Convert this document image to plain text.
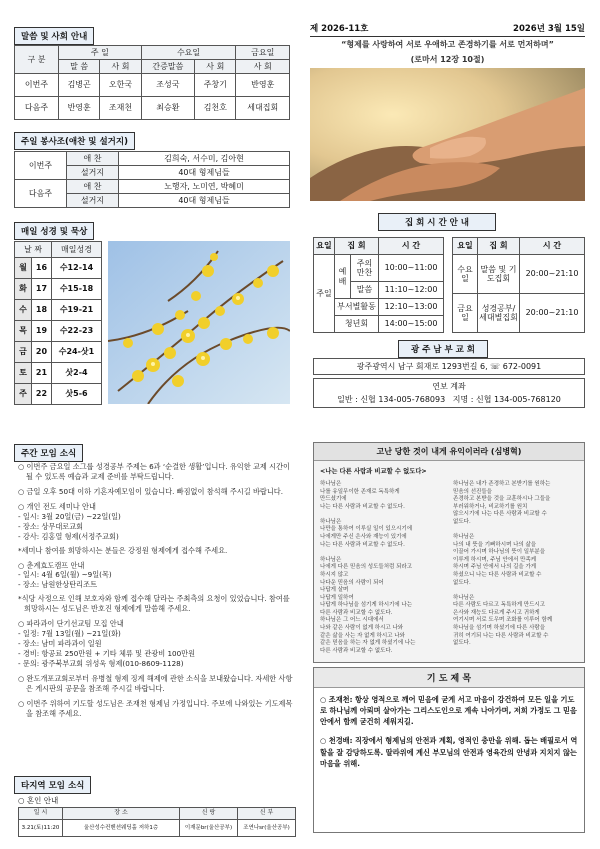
말씀 및 사회 안내
구 분	주 일		수요일		금요일
	말 씀	사 회	간증말씀	사 회	사 회
이번주	김병곤	오한국	조성국	주창기	반영훈
다음주	반영훈	조재천	최승환	김천호	세대집회
주일 봉사조(애찬 및 설거지)
이번주	애 찬	김희숙, 서수미, 김아현
	설거지	40대 형제님들
다음주	애 찬	노행자, 노미연, 박혜미
	설거지	40대 형제님들
매일 성경 및 묵상
날 짜		매일성경
월	16	수12-14
화	17	수15-18
수	18	수19-21
목	19	수22-23
금	20	수24-삿1
토	21	삿2-4
주	22	삿5-6
제 2026-11호	2026년 3월 15일
“형제를 사랑하여 서로 우애하고 존경하기를 서로 먼저하며”
(로마서 12장 10절)
집 회 시 간 안 내
요일	집 회		시 간
주일	예 배	주의 만찬	10:00~11:00
		말씀	11:10~12:00
	부서별활동		12:10~13:00
	청년회		14:00~15:00
요일	집 회	시 간
수요일	말씀 및 기도집회	20:00~21:10
금요일	성경공부/ 세대별집회	20:00~21:10
광 주 남 부 교 회
광주광역시 남구 회재로 1293번길 6, ☏ 672-0091
연보 계좌
일반 : 신협 134-005-768093   지명 : 신협 134-005-768120
주간 모임 소식
○ 이번주 금요일 소그룹 성경공부 주제는 6과 ‘순결한 생활’입니다. 유익한 교제 시간이 될 수 있도록 예습과 교제 준비를 부탁드립니다.
○ 금일 오후 50대 이하 기혼자예모임이 있습니다. 빠짐없이 참석해 주시길 바랍니다.
○ 개인 전도 세미나 안내
- 일시: 3월 20일(금) ~22일(일)
- 장소: 상무대로교회
- 강사: 김홍열 형제(서정주교회)
*세미나 참여를 희망하시는 분들은 강정원 형제에게 접수해 주세요.
○ 춘계효도캠프 안내
- 일시: 4월 6일(월) ~9일(목)
- 장소: 남원한상탄리조트
*식당 사정으로 인해 보호자와 함께 접수해 달라는 주최측의 요청이 있었습니다. 참여를 희망하시는 성도님은 반호진 형제에게 말씀해 주세요.
○ 파라과이 단기선교팀 모집 안내
- 일정: 7월 13일(월) ~21일(화)
- 장소: 남미 파라과이 일원
- 경비: 항공료 250만원 + 기타 체류 및 관광비 100만원
- 문의: 광주북부교회 위성욱 형제(010-8609-1128)
○ 완도개포교회로부터 유병철 형제 징계 해제에 관한 소식을 보내왔습니다. 자세한 사항은 게시판의 공문을 참조해 주시길 바랍니다.
○ 이번주 위하여 기도할 성도님은 조재천 형제님 가정입니다. 주보에 나와있는 기도제목을 참조해 주세요.
타지역 모임 소식
○ 혼인 안내
일 시	장 소	신 랑	신 부
3.21(토)11:20	울산성수컨벤션웨딩홀 저하1층	이재문br(울산공부)	조연나sr(울산공부)
고난 당한 것이 내게 유익이러라 (심병혁)
<나는 다른 사람과 비교할 수 없도다>
하나님은
나를 유일무이한 존재로 독특하게
만드셨기에
나는 다른 사람과 비교할 수 없도다.

하나님은
나만을 통하여 이루실 일이 있으시기에
나에게만 주신 은사와 재능이 있기에
나는 다른 사람과 비교할 수 없도다.

하나님은
나에게 다른 믿음의 성도들처럼 되라고
하시지 않고
나다운 믿음의 사람이 되어
나답게 살며
나답게 일하여
나답게 하나님을 섬기게 하시기에 나는
다른 사람과 비교할 수 없도다.
하나님은 그 어느 시대에서
나와 같은 사람이 없게 하시고 나와
같은 삶을 사는 자 없게 하시고 나와
같은 믿음을 하는 자 없게 하셨기에 나는
다른 사람과 비교할 수 없도다.
하나님은 내가 존경하고 본받기를 원하는
믿음의 선진들을
존경하고 본받을 것을 교훈하시나 그들을
부러워하거나, 비교하기를 원치
않으시기에 나는 다른 사람과 비교할 수
없도다.

하나님은
나의 내 뜻을 기뻐하시며 나의 삶을
이끌어 가시며 하나님의 뜻이 일부분을
이루게 하시며, 주님 안에서 만족케
하시며 주님 안에서 나의 길을 가게
하셨으니 나는 다른 사람과 비교할 수
없도다.

하나님은
다른 사람도 다르고 독특하게 만드시고
은사와 재능도 다르게 주시고 귀하게
여기시며 서로 도우며 조화를 이루어 함께
하나님을 섬기며 하셨기에 다른 사람을
귀히 여기되 나는 다른 사람과 비교할 수
없도다.
기 도 제 목
○ 조재천: 항상 영적으로 깨어 믿음에 굳게 서고 마음이 강건하여 모든 일을 기도로 하나님께 아뢰며 살아가는 그리스도인으로 계속 나아가며, 저희 가정도 그 믿음 안에서 함께 굳건히 세워지길.
○ 천경배: 직장에서 형제님의 안전과 계획, 영적인 충만을 위해. 돕는 배필로서 역할을 잘 감당하도록. 딸라위에 계신 부모님의 안전과 영육간의 안녕과 지치지 않는 마음을 위해.
